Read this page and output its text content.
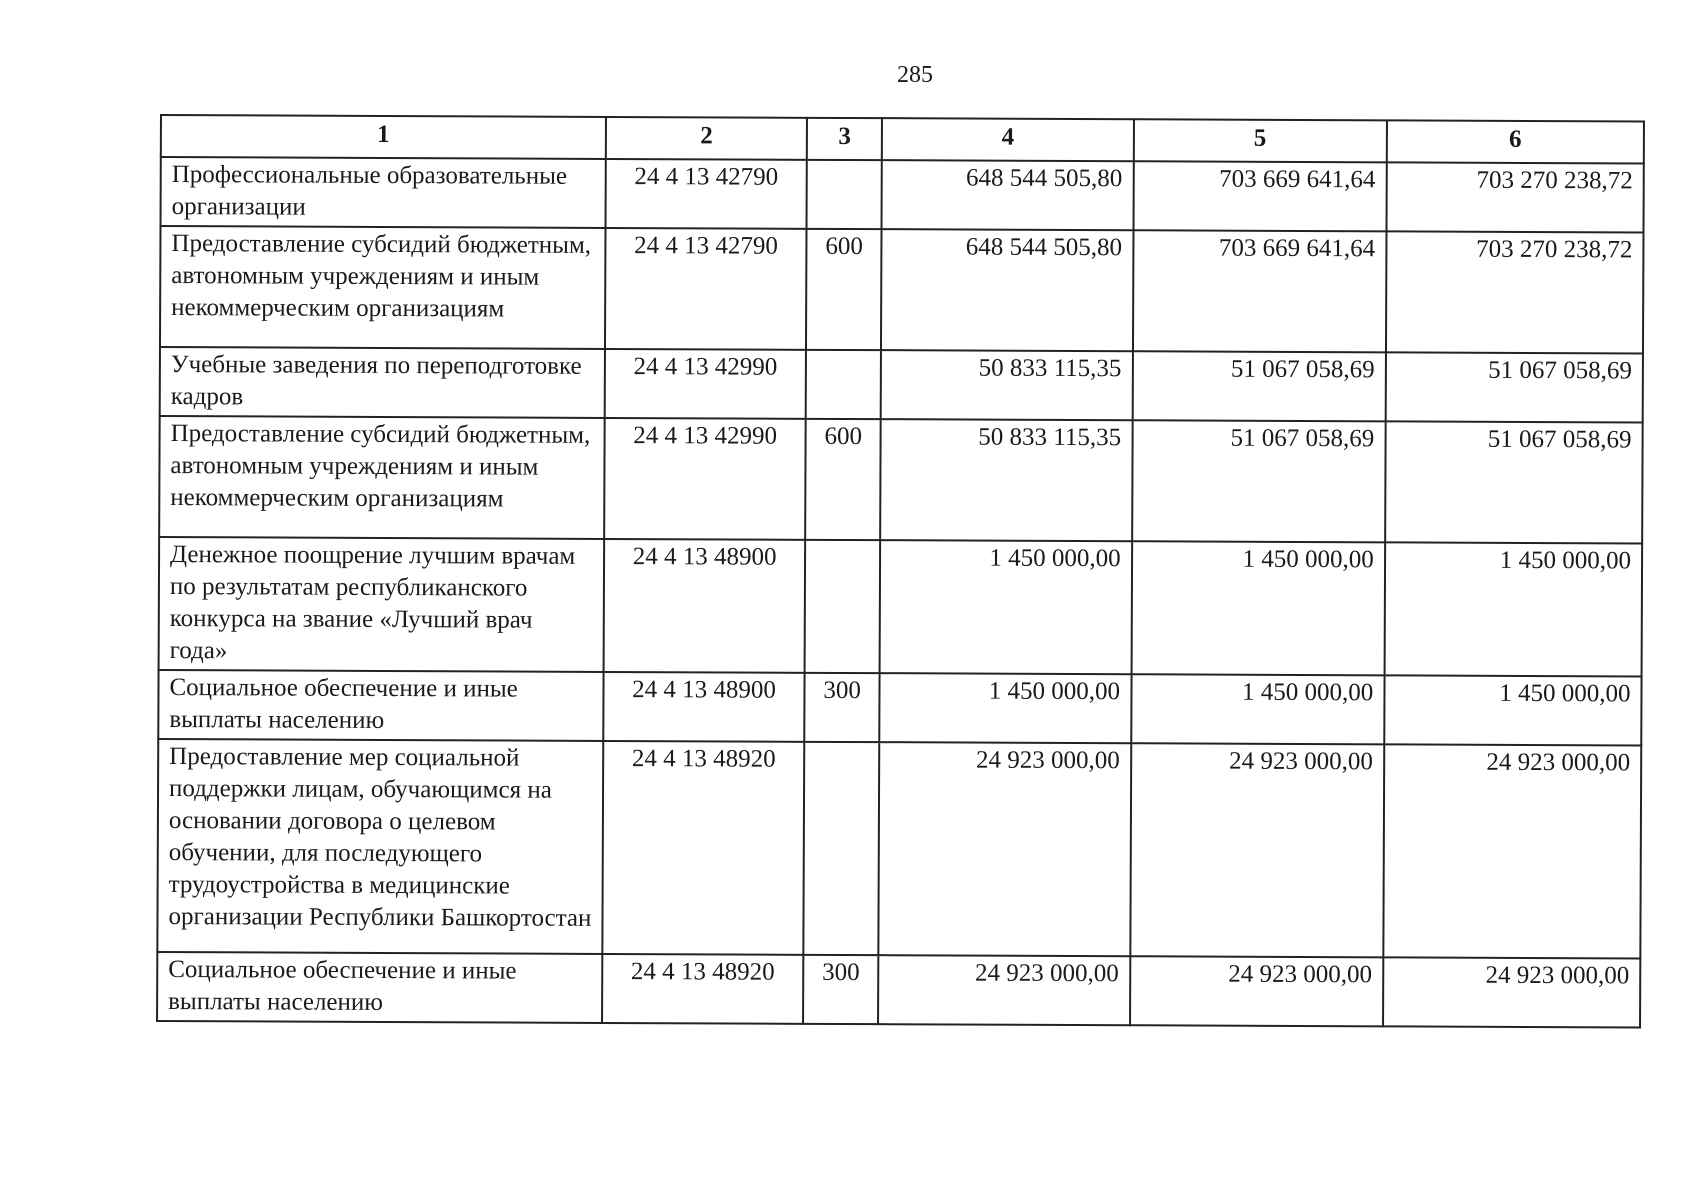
285
1	2	3	4	5	6
Профессиональные образовательные организации	24 4 13 42790		648 544 505,80	703 669 641,64	703 270 238,72
Предоставление субсидий бюджетным, автономным учреждениям и иным некоммерческим организациям	24 4 13 42790	600	648 544 505,80	703 669 641,64	703 270 238,72
Учебные заведения по переподготовке кадров	24 4 13 42990		50 833 115,35	51 067 058,69	51 067 058,69
Предоставление субсидий бюджетным, автономным учреждениям и иным некоммерческим организациям	24 4 13 42990	600	50 833 115,35	51 067 058,69	51 067 058,69
Денежное поощрение лучшим врачам по результатам республиканского конкурса на звание «Лучший врач года»	24 4 13 48900		1 450 000,00	1 450 000,00	1 450 000,00
Социальное обеспечение и иные выплаты населению	24 4 13 48900	300	1 450 000,00	1 450 000,00	1 450 000,00
Предоставление мер социальной поддержки лицам, обучающимся на основании договора о целевом обучении, для последующего трудоустройства в медицинские организации Республики Башкортостан	24 4 13 48920		24 923 000,00	24 923 000,00	24 923 000,00
Социальное обеспечение и иные выплаты населению	24 4 13 48920	300	24 923 000,00	24 923 000,00	24 923 000,00
